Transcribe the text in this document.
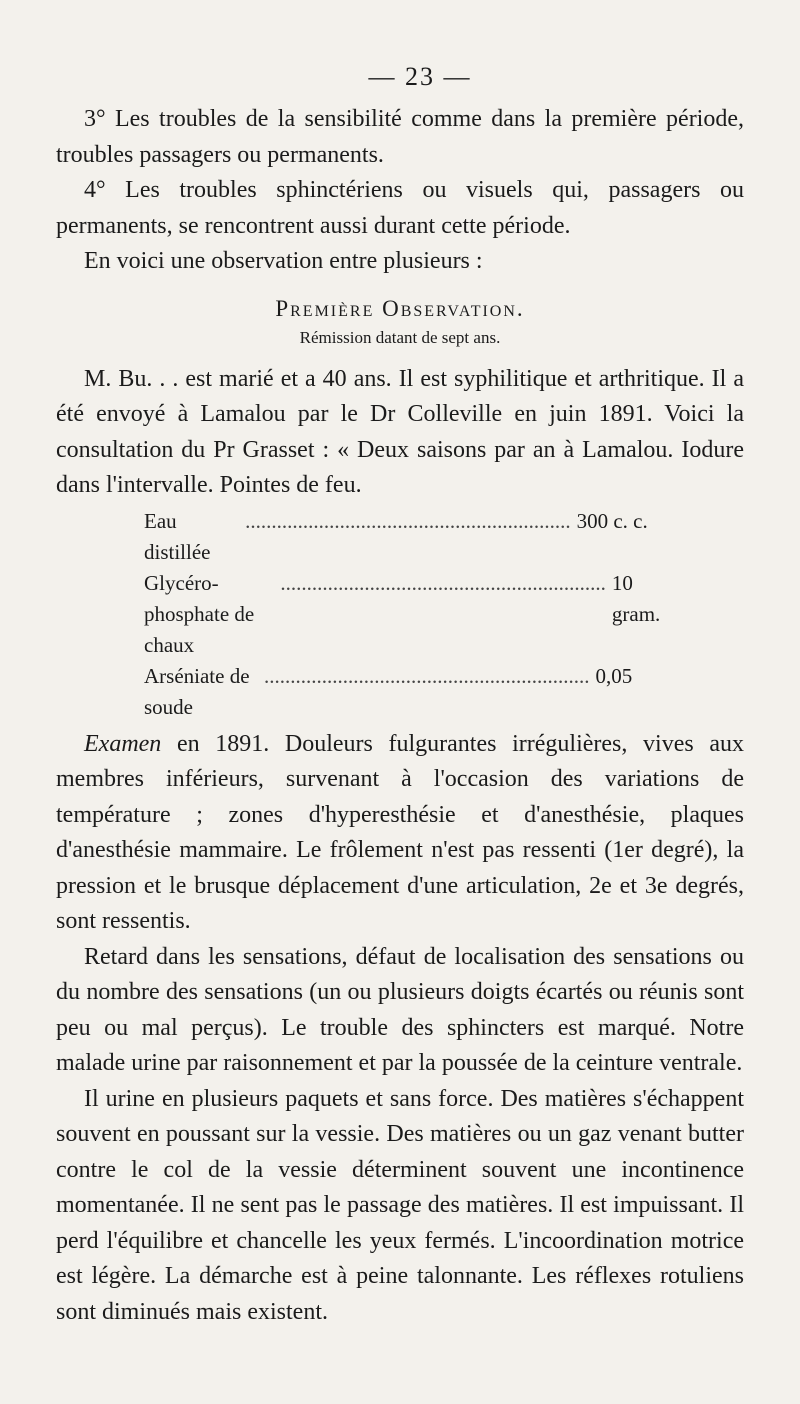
— 23 —

3° Les troubles de la sensibilité comme dans la première période, troubles passagers ou permanents.

4° Les troubles sphinctériens ou visuels qui, passagers ou permanents, se rencontrent aussi durant cette période.

En voici une observation entre plusieurs :

Première Observation.
Rémission datant de sept ans.

M. Bu. . . est marié et a 40 ans. Il est syphilitique et arthritique. Il a été envoyé à Lamalou par le Dr Colleville en juin 1891. Voici la consultation du Pr Grasset : « Deux saisons par an à Lamalou. Iodure dans l'intervalle. Pointes de feu.

Eau distillée
.............................................................. 300 c. c.
Glycéro-phosphate de chaux
.............................................................. 10 gram.
Arséniate de soude
.............................................................. 0,05

Examen en 1891. Douleurs fulgurantes irrégulières, vives aux membres inférieurs, survenant à l'occasion des variations de température ; zones d'hyperesthésie et d'anesthésie, plaques d'anesthésie mammaire. Le frôlement n'est pas ressenti (1er degré), la pression et le brusque déplacement d'une articulation, 2e et 3e degrés, sont ressentis.

Retard dans les sensations, défaut de localisation des sensations ou du nombre des sensations (un ou plusieurs doigts écartés ou réunis sont peu ou mal perçus). Le trouble des sphincters est marqué. Notre malade urine par raisonnement et par la poussée de la ceinture ventrale.

Il urine en plusieurs paquets et sans force. Des matières s'échappent souvent en poussant sur la vessie. Des matières ou un gaz venant butter contre le col de la vessie déterminent souvent une incontinence momentanée. Il ne sent pas le passage des matières. Il est impuissant. Il perd l'équilibre et chancelle les yeux fermés. L'incoordination motrice est légère. La démarche est à peine talonnante. Les réflexes rotuliens sont diminués mais existent.
